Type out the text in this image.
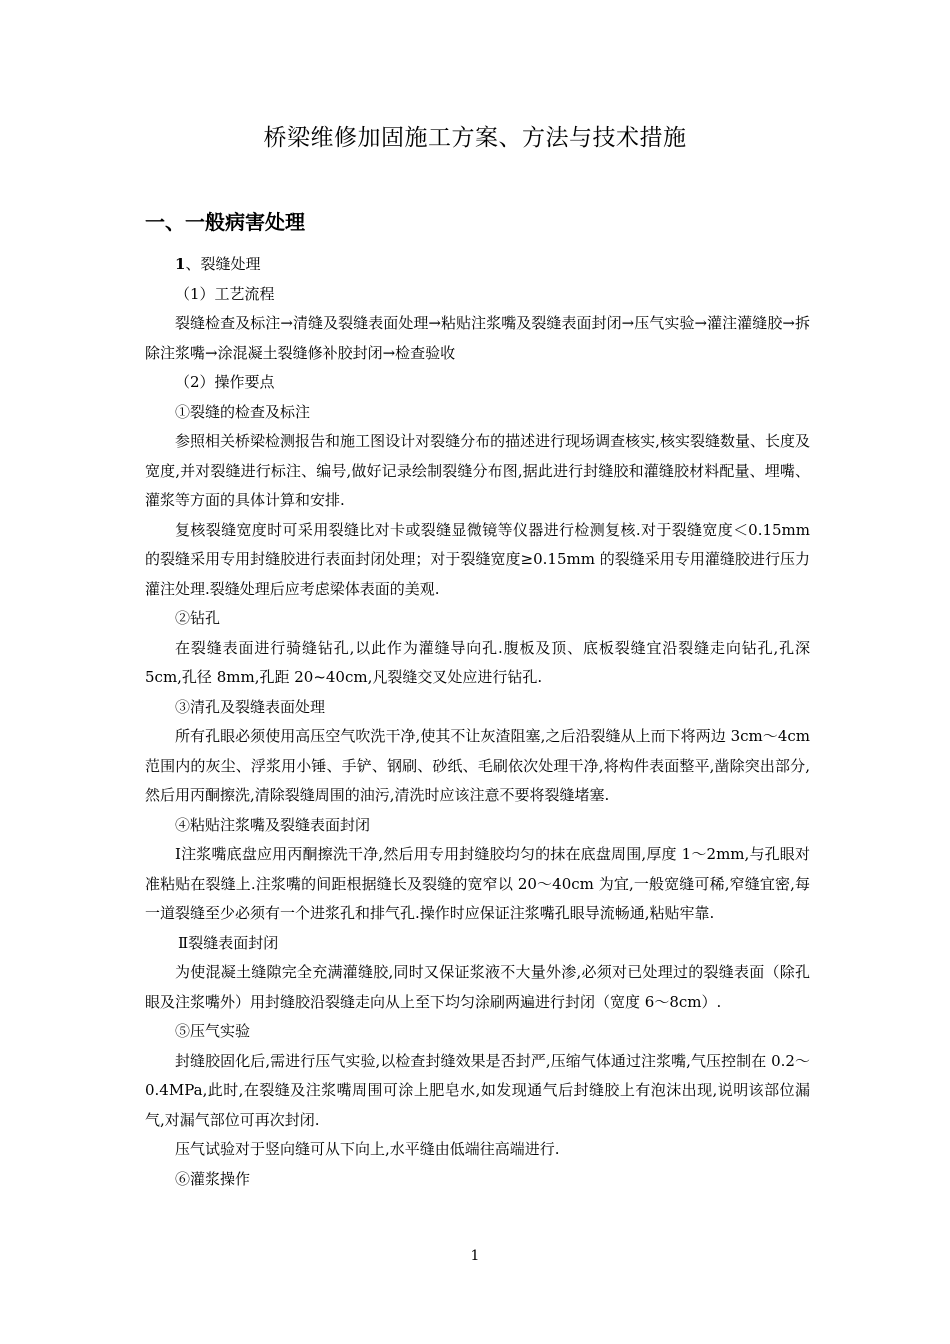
桥梁维修加固施工方案、方法与技术措施
一、一般病害处理

1、裂缝处理

（1）工艺流程

裂缝检查及标注→清缝及裂缝表面处理→粘贴注浆嘴及裂缝表面封闭→压气实验→灌注灌缝胶→拆除注浆嘴→涂混凝土裂缝修补胶封闭→检查验收

（2）操作要点

①裂缝的检查及标注

参照相关桥梁检测报告和施工图设计对裂缝分布的描述进行现场调查核实,核实裂缝数量、长度及宽度,并对裂缝进行标注、编号,做好记录绘制裂缝分布图,据此进行封缝胶和灌缝胶材料配量、埋嘴、灌浆等方面的具体计算和安排.

复核裂缝宽度时可采用裂缝比对卡或裂缝显微镜等仪器进行检测复核.对于裂缝宽度＜0.15mm 的裂缝采用专用封缝胶进行表面封闭处理；对于裂缝宽度≥0.15mm 的裂缝采用专用灌缝胶进行压力灌注处理.裂缝处理后应考虑梁体表面的美观.

②钻孔

在裂缝表面进行骑缝钻孔,以此作为灌缝导向孔.腹板及顶、底板裂缝宜沿裂缝走向钻孔,孔深 5cm,孔径 8mm,孔距 20~40cm,凡裂缝交叉处应进行钻孔.

③清孔及裂缝表面处理

所有孔眼必须使用高压空气吹洗干净,使其不让灰渣阻塞,之后沿裂缝从上而下将两边 3cm～4cm 范围内的灰尘、浮浆用小锤、手铲、钢刷、砂纸、毛刷依次处理干净,将构件表面整平,凿除突出部分,然后用丙酮擦洗,清除裂缝周围的油污,清洗时应该注意不要将裂缝堵塞.

④粘贴注浆嘴及裂缝表面封闭

Ⅰ注浆嘴底盘应用丙酮擦洗干净,然后用专用封缝胶均匀的抹在底盘周围,厚度 1～2mm,与孔眼对准粘贴在裂缝上.注浆嘴的间距根据缝长及裂缝的宽窄以 20～40cm 为宜,一般宽缝可稀,窄缝宜密,每一道裂缝至少必须有一个进浆孔和排气孔.操作时应保证注浆嘴孔眼导流畅通,粘贴牢靠.

Ⅱ裂缝表面封闭

为使混凝土缝隙完全充满灌缝胶,同时又保证浆液不大量外渗,必须对已处理过的裂缝表面（除孔眼及注浆嘴外）用封缝胶沿裂缝走向从上至下均匀涂刷两遍进行封闭（宽度 6～8cm）.

⑤压气实验

封缝胶固化后,需进行压气实验,以检查封缝效果是否封严,压缩气体通过注浆嘴,气压控制在 0.2～0.4MPa,此时,在裂缝及注浆嘴周围可涂上肥皂水,如发现通气后封缝胶上有泡沫出现,说明该部位漏气,对漏气部位可再次封闭.

压气试验对于竖向缝可从下向上,水平缝由低端往高端进行.

⑥灌浆操作

1
